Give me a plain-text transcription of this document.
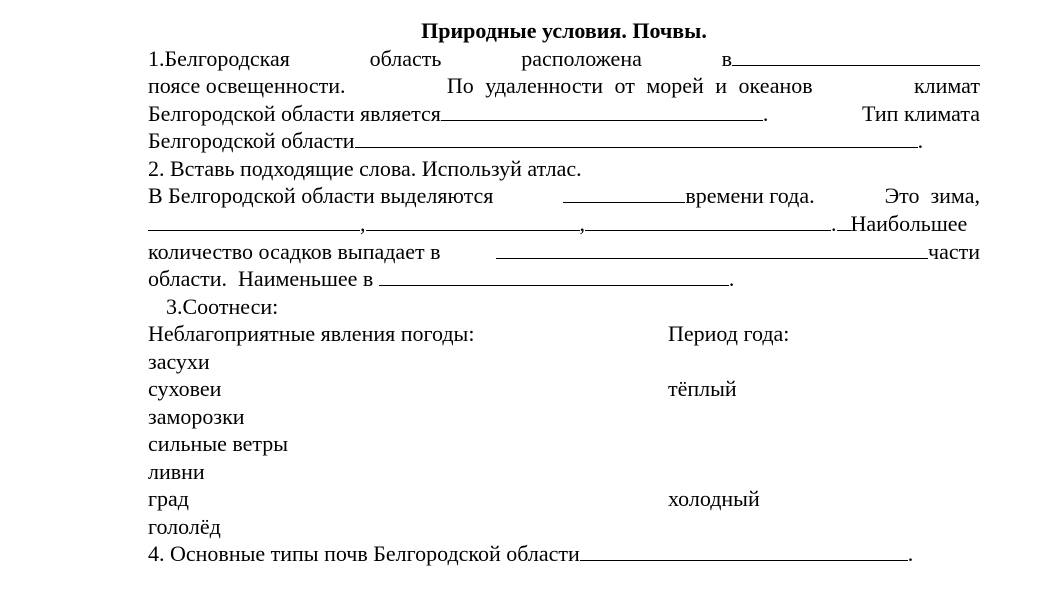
Природные условия. Почвы.
1.Белгородская	область	расположена	в
поясе освещенности.	По удаленности от морей и океанов	климат
Белгородской области является	.	Тип климата
Белгородской области	.
2. Вставь подходящие слова. Используй атлас.
В Белгородской области выделяются	времени года.	Это  зима,
,	,	. Наибольшее
количество осадков выпадает в	части
области.  Наименьшее в	.
3.Соотнеси:
Неблагоприятные явления погоды:	Период года:
засухи
суховеи	тёплый
заморозки
сильные ветры
ливни
град	холодный
гололёд
4. Основные типы почв Белгородской области	.
